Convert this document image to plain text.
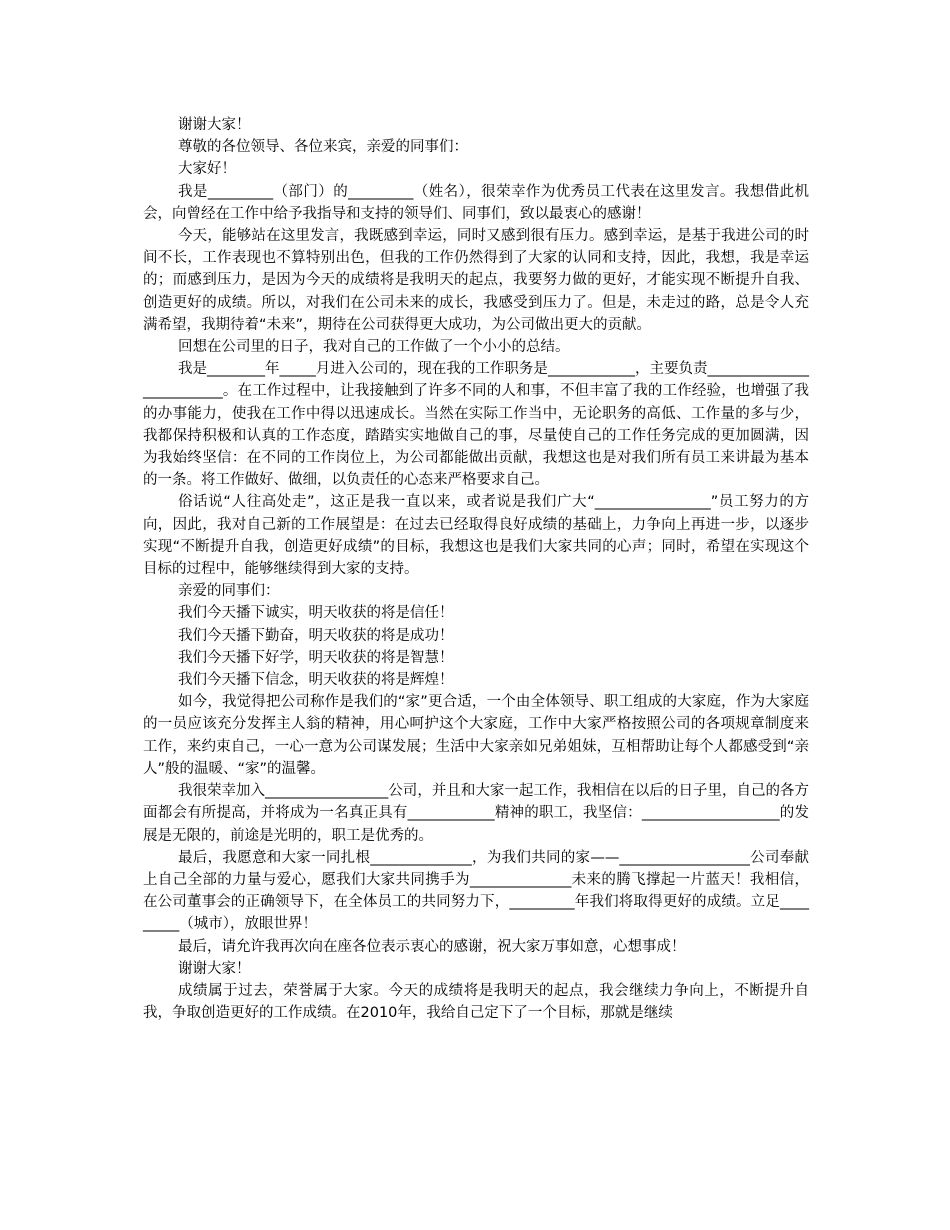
谢谢大家！

尊敬的各位领导、各位来宾，亲爱的同事们：

大家好！

我是_________（部门）的_________（姓名），很荣幸作为优秀员工代表在这里发言。我想借此机会，向曾经在工作中给予我指导和支持的领导们、同事们，致以最衷心的感谢！

今天，能够站在这里发言，我既感到幸运，同时又感到很有压力。感到幸运，是基于我进公司的时间不长，工作表现也不算特别出色，但我的工作仍然得到了大家的认同和支持，因此，我想，我是幸运的；而感到压力，是因为今天的成绩将是我明天的起点，我要努力做的更好，才能实现不断提升自我、创造更好的成绩。所以，对我们在公司未来的成长，我感受到压力了。但是，未走过的路，总是令人充满希望，我期待着“未来”，期待在公司获得更大成功，为公司做出更大的贡献。

回想在公司里的日子，我对自己的工作做了一个小小的总结。

我是________年_____月进入公司的，现在我的工作职务是____________，主要负责_________________________。在工作过程中，让我接触到了许多不同的人和事，不但丰富了我的工作经验，也增强了我的办事能力，使我在工作中得以迅速成长。当然在实际工作当中，无论职务的高低、工作量的多与少，我都保持积极和认真的工作态度，踏踏实实地做自己的事，尽量使自己的工作任务完成的更加圆满，因为我始终坚信：在不同的工作岗位上，为公司都能做出贡献，我想这也是对我们所有员工来讲最为基本的一条。将工作做好、做细，以负责任的心态来严格要求自己。

俗话说“人往高处走”，这正是我一直以来，或者说是我们广大“________________”员工努力的方向，因此，我对自己新的工作展望是：在过去已经取得良好成绩的基础上，力争向上再进一步，以逐步实现“不断提升自我，创造更好成绩”的目标，我想这也是我们大家共同的心声；同时，希望在实现这个目标的过程中，能够继续得到大家的支持。

亲爱的同事们：

我们今天播下诚实，明天收获的将是信任！

我们今天播下勤奋，明天收获的将是成功！

我们今天播下好学，明天收获的将是智慧！

我们今天播下信念，明天收获的将是辉煌！

如今，我觉得把公司称作是我们的“家”更合适，一个由全体领导、职工组成的大家庭，作为大家庭的一员应该充分发挥主人翁的精神，用心呵护这个大家庭，工作中大家严格按照公司的各项规章制度来工作，来约束自己，一心一意为公司谋发展；生活中大家亲如兄弟姐妹，互相帮助让每个人都感受到“亲人”般的温暖、“家”的温馨。

我很荣幸加入_________________公司，并且和大家一起工作，我相信在以后的日子里，自己的各方面都会有所提高，并将成为一名真正具有____________精神的职工，我坚信：___________________的发展是无限的，前途是光明的，职工是优秀的。

最后，我愿意和大家一同扎根______________，为我们共同的家——__________________公司奉献上自己全部的力量与爱心，愿我们大家共同携手为______________未来的腾飞撑起一片蓝天！我相信，在公司董事会的正确领导下，在全体员工的共同努力下，_________年我们将取得更好的成绩。立足_________（城市），放眼世界！

最后，请允许我再次向在座各位表示衷心的感谢，祝大家万事如意，心想事成！

谢谢大家！

成绩属于过去，荣誉属于大家。今天的成绩将是我明天的起点，我会继续力争向上，不断提升自我，争取创造更好的工作成绩。在2010年，我给自己定下了一个目标，那就是继续
